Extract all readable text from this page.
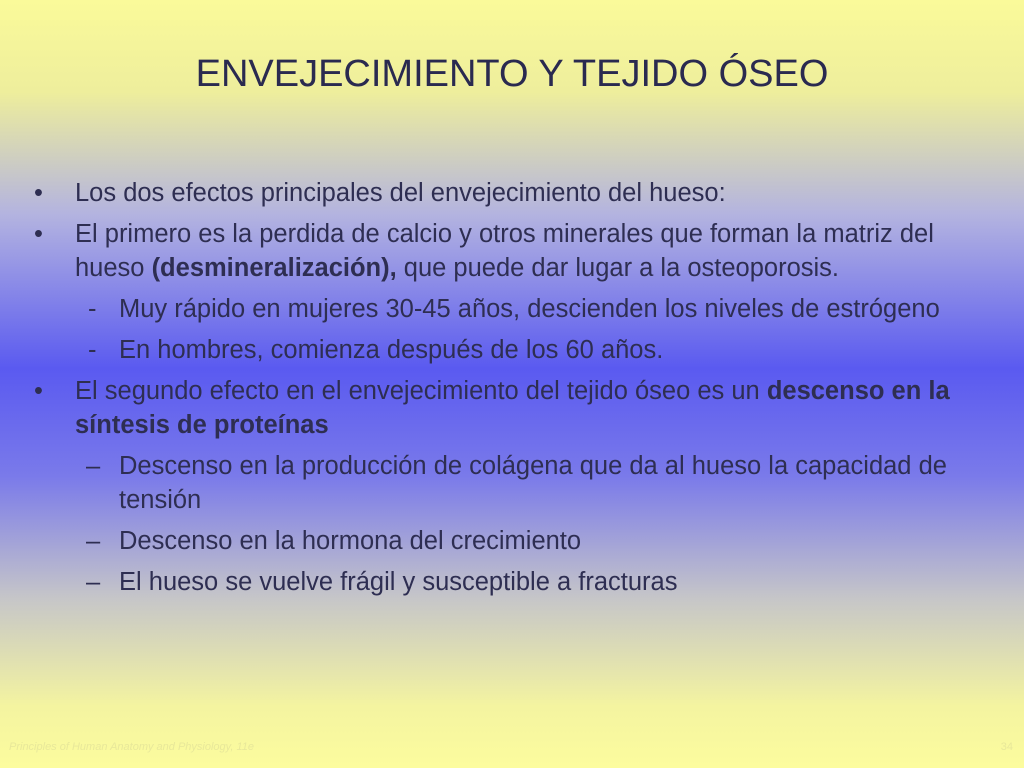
ENVEJECIMIENTO Y TEJIDO ÓSEO
• Los dos efectos principales del envejecimiento del hueso:
• El primero es la perdida de calcio y otros minerales que forman la matriz del hueso (desmineralización), que puede dar lugar a la osteoporosis.
- Muy rápido en mujeres 30-45 años, descienden los niveles de estrógeno
- En hombres, comienza después de los 60 años.
• El segundo efecto en el envejecimiento del tejido óseo es un descenso en la síntesis de proteínas
– Descenso en la producción de colágena que da al hueso la capacidad de tensión
– Descenso en la hormona del crecimiento
– El hueso se vuelve frágil y susceptible a fracturas
Principles of Human Anatomy and Physiology, 11e	34
